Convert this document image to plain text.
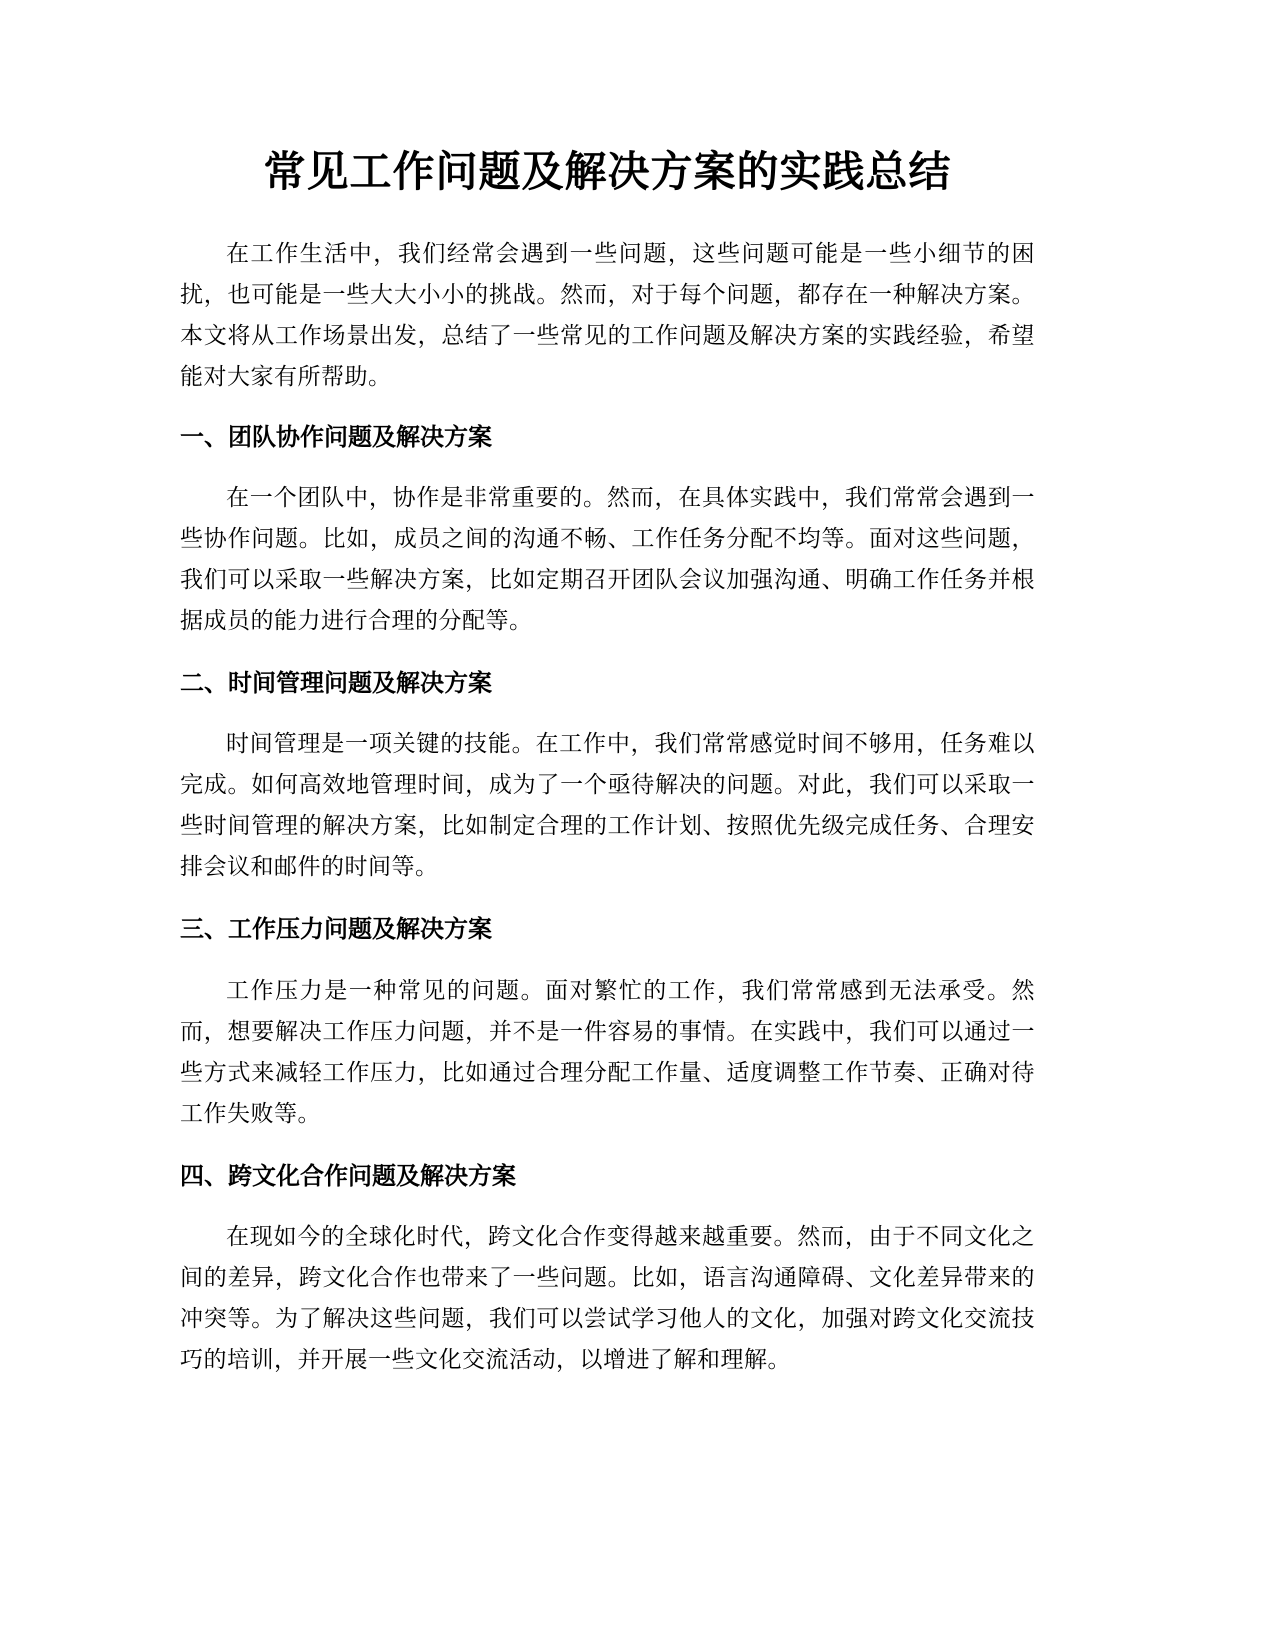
常见工作问题及解决方案的实践总结

在工作生活中，我们经常会遇到一些问题，这些问题可能是一些小细节的困扰，也可能是一些大大小小的挑战。然而，对于每个问题，都存在一种解决方案。本文将从工作场景出发，总结了一些常见的工作问题及解决方案的实践经验，希望能对大家有所帮助。

一、团队协作问题及解决方案

在一个团队中，协作是非常重要的。然而，在具体实践中，我们常常会遇到一些协作问题。比如，成员之间的沟通不畅、工作任务分配不均等。面对这些问题，我们可以采取一些解决方案，比如定期召开团队会议加强沟通、明确工作任务并根据成员的能力进行合理的分配等。

二、时间管理问题及解决方案

时间管理是一项关键的技能。在工作中，我们常常感觉时间不够用，任务难以完成。如何高效地管理时间，成为了一个亟待解决的问题。对此，我们可以采取一些时间管理的解决方案，比如制定合理的工作计划、按照优先级完成任务、合理安排会议和邮件的时间等。

三、工作压力问题及解决方案

工作压力是一种常见的问题。面对繁忙的工作，我们常常感到无法承受。然而，想要解决工作压力问题，并不是一件容易的事情。在实践中，我们可以通过一些方式来减轻工作压力，比如通过合理分配工作量、适度调整工作节奏、正确对待工作失败等。

四、跨文化合作问题及解决方案

在现如今的全球化时代，跨文化合作变得越来越重要。然而，由于不同文化之间的差异，跨文化合作也带来了一些问题。比如，语言沟通障碍、文化差异带来的冲突等。为了解决这些问题，我们可以尝试学习他人的文化，加强对跨文化交流技巧的培训，并开展一些文化交流活动，以增进了解和理解。
